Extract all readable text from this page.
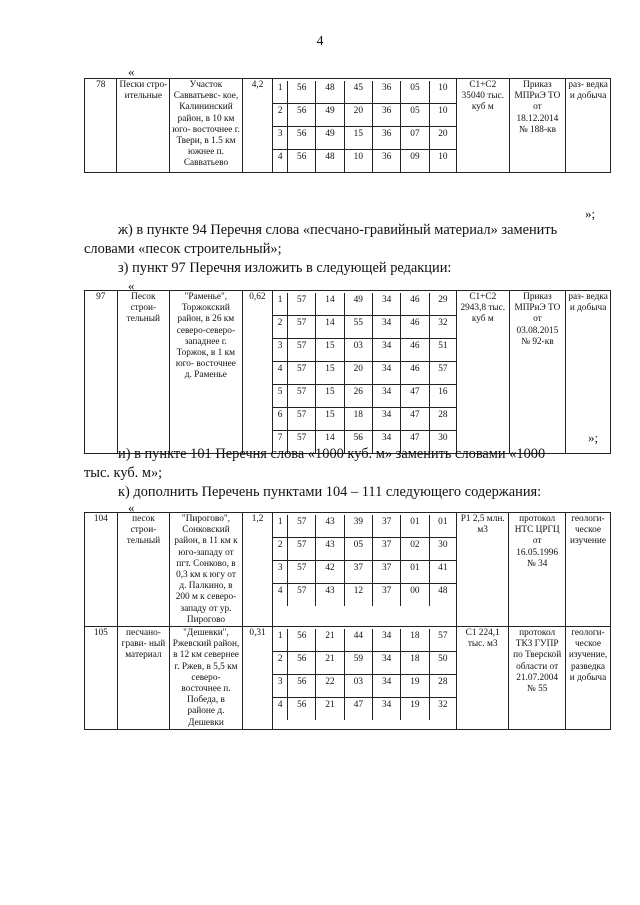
4
«
78	Пески стро- ительные	Участок Савватьевс- кое, Калининский район, в 10 км юго- восточнее г. Твери, в 1.5 км южнее п. Савватьево	4,2	1	56	48	45	36	05	10
2	56	49	20	36	05	10
3	56	49	15	36	07	20
4	56	48	10	36	09	10
	C1+C2 35040 тыс. куб м	Приказ МПРиЭ ТО от 18.12.2014 № 188-кв	раз- ведка и добыча
»;
ж) в пункте 94 Перечня слова «песчано-гравийный материал» заменить
словами «песок строительный»;
з) пункт 97 Перечня изложить в следующей редакции:
«
97	Песок строи- тельный	"Раменье", Торжокский район, в 26 км северо-северо- западнее г. Торжок, в 1 км юго- восточнее д. Раменье	0,62	1	57	14	49	34	46	29
2	57	14	55	34	46	32
3	57	15	03	34	46	51
4	57	15	20	34	46	57
5	57	15	26	34	47	16
6	57	15	18	34	47	28
7	57	14	56	34	47	30
	C1+C2 2943,8 тыс. куб м	Приказ МПРиЭ ТО от 03.08.2015 № 92-кв	раз- ведка и добыча
»;
и) в пункте 101 Перечня слова «1000 куб. м» заменить словами «1000
тыс. куб. м»;
к) дополнить Перечень пунктами 104 – 111 следующего содержания:
«
104	песок строи- тельный	"Пирогово", Сонковский район, в 11 км к юго-западу от пгт. Сонково, в 0,3 км к югу от д. Палкино, в 200 м к северо- западу от ур. Пирогово	1,2	1	57	43	39	37	01	01
2	57	43	05	37	02	30
3	57	42	37	37	01	41
4	57	43	12	37	00	48
	P1 2,5 млн. м3	протокол НТС ЦРГЦ от 16.05.1996 № 34	геологи- ческое изучение
105	песчано- грави- ный материал	"Дешевки", Ржевский район, в 12 км севернее г. Ржев, в 5,5 км северо- восточнее п. Победа, в районе д. Дешевки	0,31	1	56	21	44	34	18	57
2	56	21	59	34	18	50
3	56	22	03	34	19	28
4	56	21	47	34	19	32
	C1 224,1 тыс. м3	протокол ТКЗ ГУПР по Тверской области от 21.07.2004 № 55	геологи- ческое изучение, разведка и добыча
